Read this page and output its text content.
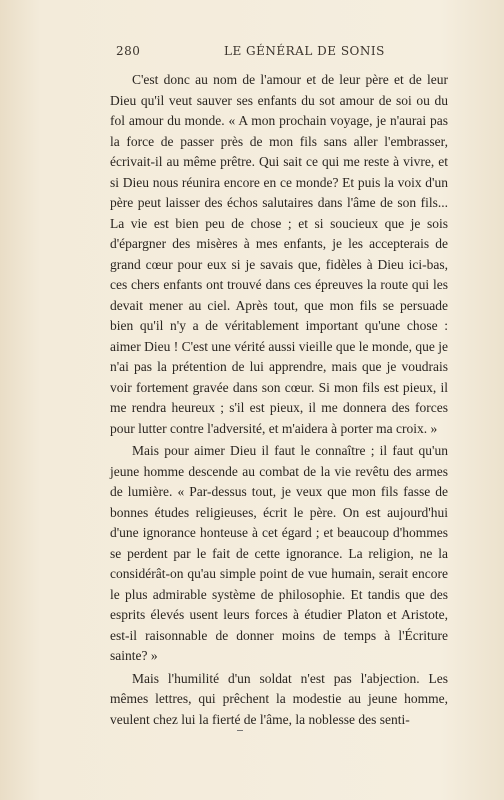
280	LE GÉNÉRAL DE SONIS

C'est donc au nom de l'amour et de leur père et de leur Dieu qu'il veut sauver ses enfants du sot amour de soi ou du fol amour du monde. « A mon prochain voyage, je n'aurai pas la force de passer près de mon fils sans aller l'embrasser, écrivait-il au même prêtre. Qui sait ce qui me reste à vivre, et si Dieu nous réunira encore en ce monde? Et puis la voix d'un père peut laisser des échos salutaires dans l'âme de son fils... La vie est bien peu de chose ; et si soucieux que je sois d'épargner des misères à mes enfants, je les accepterais de grand cœur pour eux si je savais que, fidèles à Dieu ici-bas, ces chers enfants ont trouvé dans ces épreuves la route qui les devait mener au ciel. Après tout, que mon fils se persuade bien qu'il n'y a de véritablement important qu'une chose : aimer Dieu ! C'est une vérité aussi vieille que le monde, que je n'ai pas la prétention de lui apprendre, mais que je voudrais voir fortement gravée dans son cœur. Si mon fils est pieux, il me rendra heureux ; s'il est pieux, il me donnera des forces pour lutter contre l'adversité, et m'aidera à porter ma croix. »

Mais pour aimer Dieu il faut le connaître ; il faut qu'un jeune homme descende au combat de la vie revêtu des armes de lumière. « Par-dessus tout, je veux que mon fils fasse de bonnes études religieuses, écrit le père. On est aujourd'hui d'une ignorance honteuse à cet égard ; et beaucoup d'hommes se perdent par le fait de cette ignorance. La religion, ne la considérât-on qu'au simple point de vue humain, serait encore le plus admirable système de philosophie. Et tandis que des esprits élevés usent leurs forces à étudier Platon et Aristote, est-il raisonnable de donner moins de temps à l'Écriture sainte? »

Mais l'humilité d'un soldat n'est pas l'abjection. Les mêmes lettres, qui prêchent la modestie au jeune homme, veulent chez lui la fierté de l'âme, la noblesse des senti-
